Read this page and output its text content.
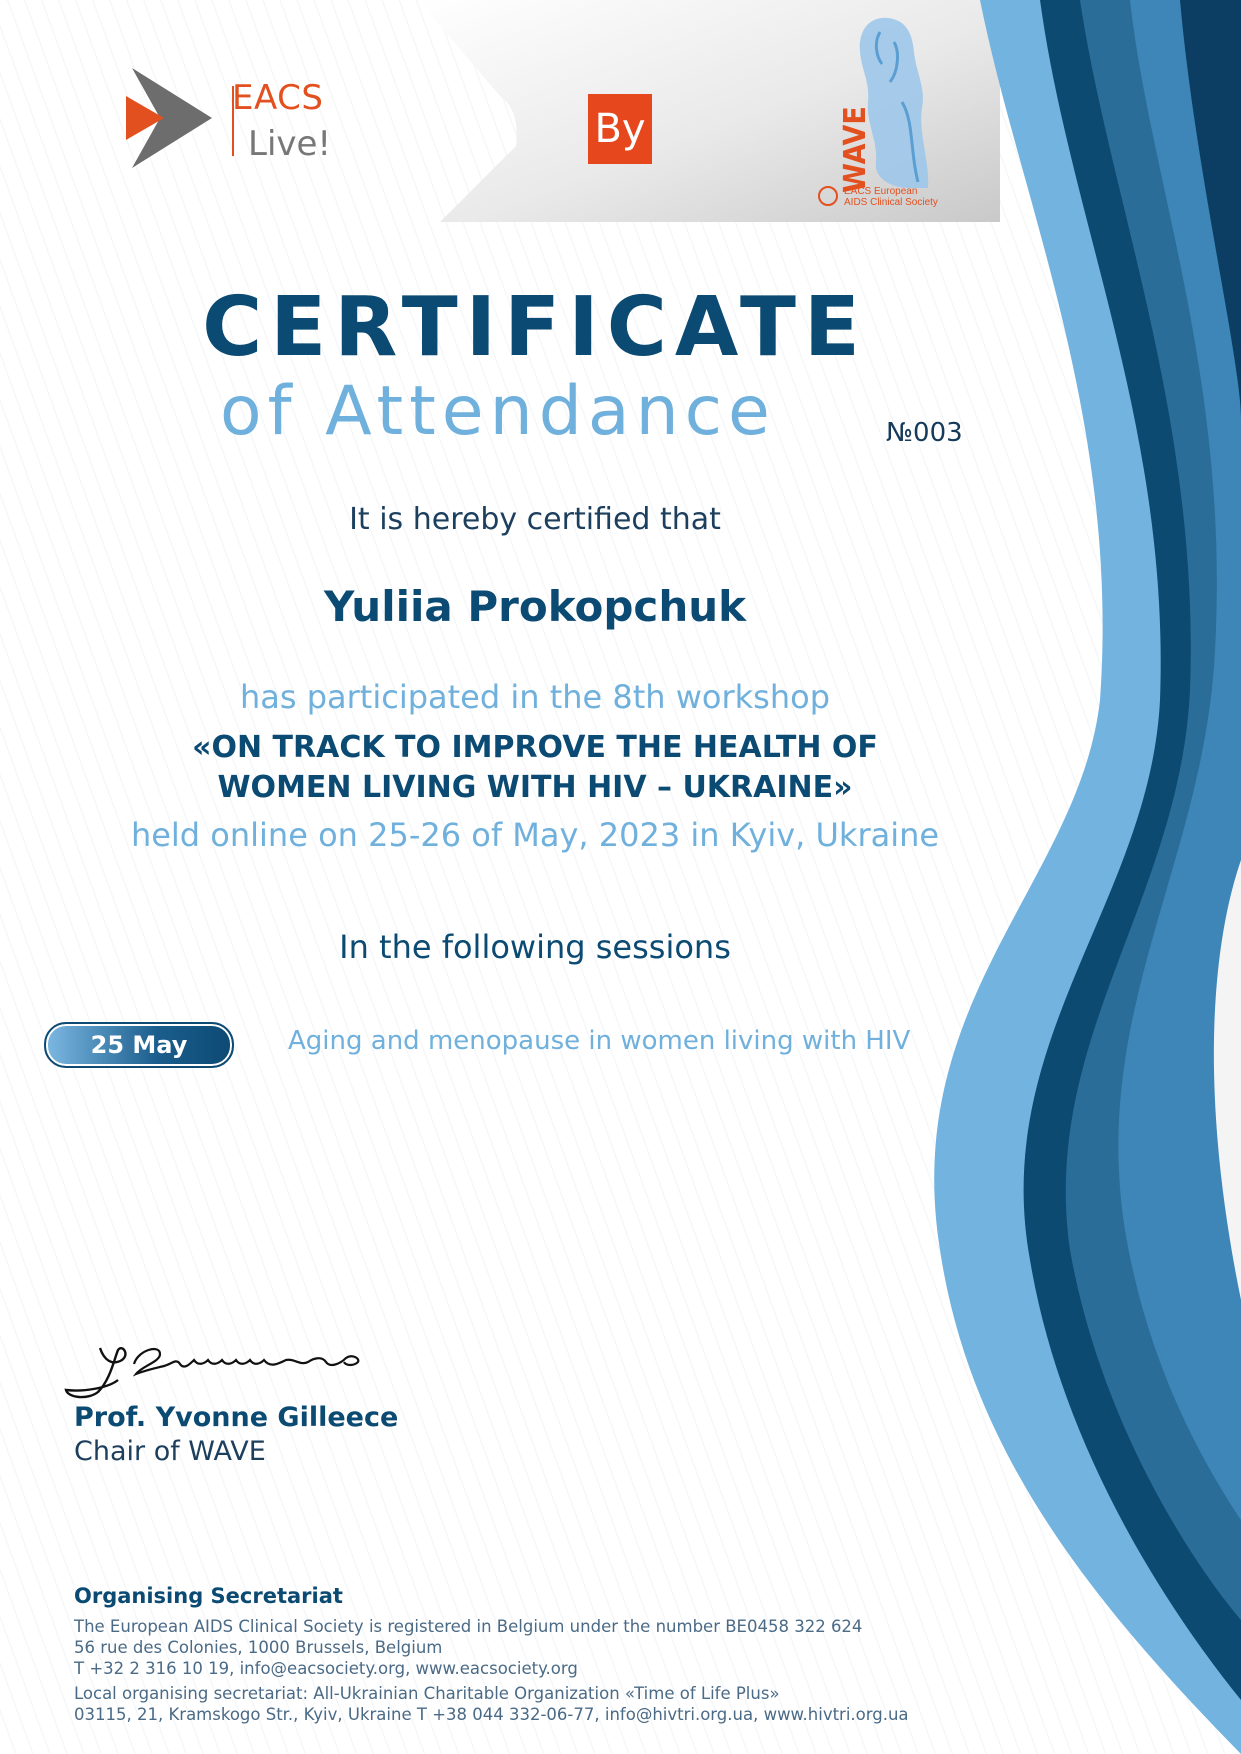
EACS
Live!	By	WAVE
EACS European
AIDS Clinical Society
CERTIFICATE
of Attendance	№003
It is hereby certified that
Yuliia Prokopchuk
has participated in the 8th workshop
«ON TRACK TO IMPROVE THE HEALTH OF
WOMEN LIVING WITH HIV – UKRAINE»
held online on 25-26 of May, 2023 in Kyiv, Ukraine
In the following sessions
25 May	Aging and menopause in women living with HIV
Prof. Yvonne Gilleece
Chair of WAVE
Organising Secretariat
The European AIDS Clinical Society is registered in Belgium under the number BE0458 322 624
56 rue des Colonies, 1000 Brussels, Belgium
T +32 2 316 10 19, info@eacsociety.org, www.eacsociety.org
Local organising secretariat: All-Ukrainian Charitable Organization «Time of Life Plus»
03115, 21, Kramskogo Str., Kyiv, Ukraine T +38 044 332-06-77, info@hivtri.org.ua, www.hivtri.org.ua
